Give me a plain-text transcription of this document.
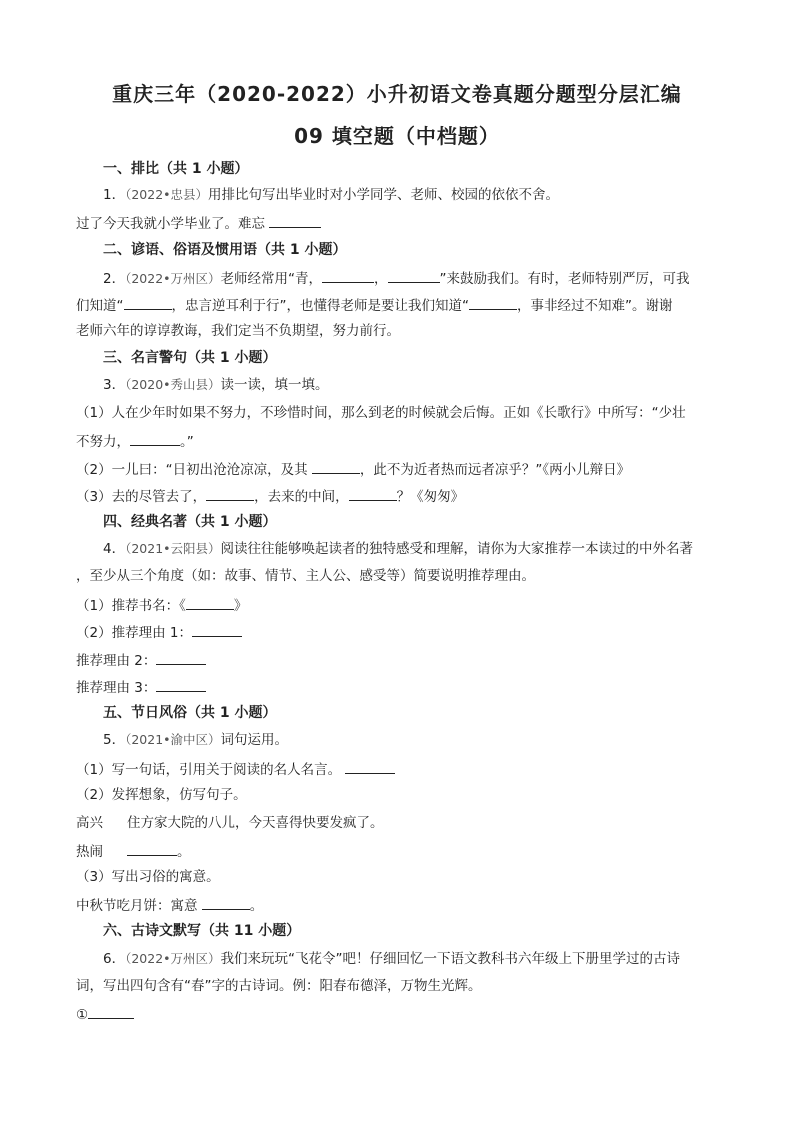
重庆三年（2020-2022）小升初语文卷真题分题型分层汇编
09 填空题（中档题）
一、排比（共 1 小题）
1．（2022•忠县）用排比句写出毕业时对小学同学、老师、校园的依依不舍。
过了今天我就小学毕业了。难忘
二、谚语、俗语及惯用语（共 1 小题）
2．（2022•万州区）老师经常用“青，	，	”来鼓励我们。有时，老师特别严厉，可我
们知道“	，忠言逆耳利于行”，也懂得老师是要让我们知道“	，事非经过不知难”。谢谢
老师六年的谆谆教诲，我们定当不负期望，努力前行。
三、名言警句（共 1 小题）
3．（2020•秀山县）读一读，填一填。
（1）人在少年时如果不努力，不珍惜时间，那么到老的时候就会后悔。正如《长歌行》中所写：“少壮
不努力，	。”
（2）一儿曰：“日初出沧沧凉凉，及其	，此不为近者热而远者凉乎？”《两小儿辩日》
（3）去的尽管去了，	，去来的中间，	？《匆匆》
四、经典名著（共 1 小题）
4．（2021•云阳县）阅读往往能够唤起读者的独特感受和理解，请你为大家推荐一本读过的中外名著
，至少从三个角度（如：故事、情节、主人公、感受等）简要说明推荐理由。
（1）推荐书名：《	》
（2）推荐理由 1：
推荐理由 2：
推荐理由 3：
五、节日风俗（共 1 小题）
5．（2021•渝中区）词句运用。
（1）写一句话，引用关于阅读的名人名言。
（2）发挥想象，仿写句子。
高兴 住方家大院的八儿，今天喜得快要发疯了。
热闹	。
（3）写出习俗的寓意。
中秋节吃月饼：寓意	。
六、古诗文默写（共 11 小题）
6．（2022•万州区）我们来玩玩“飞花令”吧！仔细回忆一下语文教科书六年级上下册里学过的古诗
词，写出四句含有“春”字的古诗词。例：阳春布德泽，万物生光辉。
①
